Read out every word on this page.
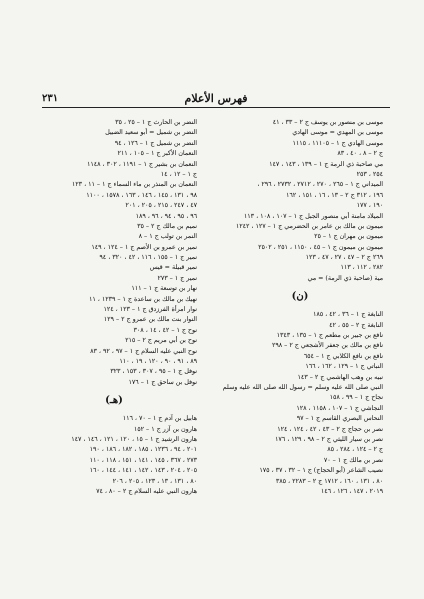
فهرس الأعلام
٢٣١
موسى بن منصور بن يوسف ج ٢ – ٣٣ ، ٤١
موسى بن المهدي = موسى الهادي
موسى الهادي ج ١ – ١١١٠٥ ، ١١١٥
ج ٢ – ٨ ، ٤٠ ، ٨٣
مي صاحبة ذي الرمة ج ١ – ١٣٩ ، ١٤٣ ، ١٤٧
٢٥٤ ، ٢٥٣
الميداني ج ١ – ٢٦٥ ، ٢٧٠ ، ٢٧١٢ ، ٢٧٣٢ ، ٢٩٦ ،
١٩٦ ، ٣١٢ ج ٢ – ١٣ ، ١٦ ، ١٥١ ، ١٦٢
١٩٠ ، ١٧٧
الميلاد مامنة أبي منصور الجبل ج ١ – ١٠٧ ، ١٠٨ ، ١١٣
ميمون بن مالك بن عامر بن الحضرمي ج ١ – ١٢٧ ، ١٢٤٢
ميمون بن مهران ج ١ – ٢٥
ميمون بن ميمون ج ١ – ٤٥ ، ١١٥٠ ، ٢٥١ ، ٢٥٠٢
٢٦٩ ج ٢ – ٤٧ ، ٢٧ ، ٤٧ ، ١٢٣
٢٨٢ ، ١١٢ ، ١١٣
مية (صاحبة ذي الرمة) = مي
(ن)
النابغة ج ١ – ٣٦ ، ٤٢ ، ١٨٥
النابغة ج ٢ – ٥٥ ، ٤٢
نافع بن جبير بن مطعم ج ١ – ١٣٥ ، ١٣٤٣
نافع بن مالك بن جعفر الأشجعي ج ٢ – ٢٩٨
نافع بن نافع الكلابي ج ١ – ٦٥٤
النباتي ج ١ – ١٢٩ ، ١٦٢ ، ١٦٦
نبيه بن وهب الهاشمي ج ٢ – ١٤٣
النبي صلى الله عليه وسلم = رسول الله صلى الله عليه وسلم
نجاح ج ١ – ٩٩ ، ١٥٨
النجاشي ج ١ – ١٠٧ ، ١١٥٨ ، ١٢٨
النحاس البصري القاسم ج ١ – ٩٧
نصر بن حجاج ج ٢ – ٤٣ ، ٤٢ ، ١٢٤ ، ١٢٤
نصر بن سيار الليثي ج ٢ – ٩٨ ، ١٢٩ ، ١٧٦
ج ٢ – ١٢٤ ، ٢٨٤ ، ٨٥
نصر بن مالك ج ١ – ٧٠
نصيب الشاعر (أبو الحجاج) ج ١ – ٣٢ ، ٣٧ ، ١٧٥
٨٠ ، ١٣١ ، ١٦٠ ، ١٧١٢ ج ٢ – ٢٢٨٣ ، ٣٨٥
٢٠١٩ ، ١٤٧ ، ١٢٦ ، ١٤٦
النضر بن الحارث ج ١ – ٢٥ ، ٣٥
النضر بن شميل = أبو سعيد الضبيل
النضر بن شميل ج ١ – ١٢٦ ، ٩٤
النعمان الأكبر ج ١ – ١٠٥ ، ٢١١
النعمان بن بشير ج ١ – ١١٩١ ، ٣٠٢ ، ١١٤٨
ج ١ – ١٢ ، ١٤
النعمان بن المنذر بن ماء السماء ج ١ – ١١ ، ١٢٣
٩٨ ، ١٣١ ، ١٤٥ ، ١٤٦ ، ١٦٣ ، ١٥٧٨ ، ١١٠٠
٤٧ ، ٢٤٧ ، ٢١٥ ، ٢٠٥ ، ٢٠١
٩٦ ، ٩٥ ، ٩٤ ، ٩٦ ، ١٨٩
نميم بن مالك ج ٢ – ٣٥
النمر بن تولب ج ١ – ٨
نمير بن عمرو بن الأصم ج ١ – ١٢٤ ، ١٤٩
نمير ج ١ – ١٥٥ ، ١١٦ ، ٤٢ ، ٣٢٠ ، ٩٤
نمير قبيلة = قيس
نمير ج ١ – ٢٧٣
نهار بن توسعة ج ١ – ١١١
نهيك بن مالك بن ساعدة ج ١ – ١٢٣٩ ، ١١
نوار امرأة الفرزدق ج ١ – ١٢٣ ، ١٢٤
النوار بنت مالك بن عمرو ج ٢ – ١٢٩
نوح ج ١ – ٤٢ ، ١٤ ، ٣٠٨
نوح بن أبي مريم ج ٢ – ٢١٥
نوح النبي عليه السلام ج ١ – ٩٧ ، ٩٢ ، ٨٣
٨٩ ، ٩١ ، ٩٠ ، ١٢٠ ، ١٩ ، ١١٠
نوفل ج ١ – ٩٥ ، ٣٠٧ ، ١٥٣ ، ٣٢٣
نوفل بن ساحق ج ١ – ١٧٦
(هـ)
هابيل بن آدم ج ١ – ٧٠ ، ١١٦
هارون بن آزر ج ١ – ١٥٢
هارون الرشيد ج ١ – ١٥ ، ١٢٠ ، ١٢١ ، ١٤٦ ، ١٤٧
٢٠١ ، ٩٤ ، ١٢٣٦ ، ١٨٥ ، ١٨٢ ، ١٨٦ ، ١٩٠
٢٧٣ ، ٣٦٧ ، ١٤٥ ، ١٤١ ، ١٥١ ، ١١٨ ، ١١٠
٢٠٥ ، ٢٠٤ ، ١٤٣ ، ١٤٢ ، ١٤١ ، ١٤٤ ، ١٦٠
٨٠ ، ١٣١ ، ١٣ ، ١٢٣ ، ٢٠٥ ، ٢٠٦
هارون النبي عليه السلام ج ٢ – ٨٠ ، ٧٤
